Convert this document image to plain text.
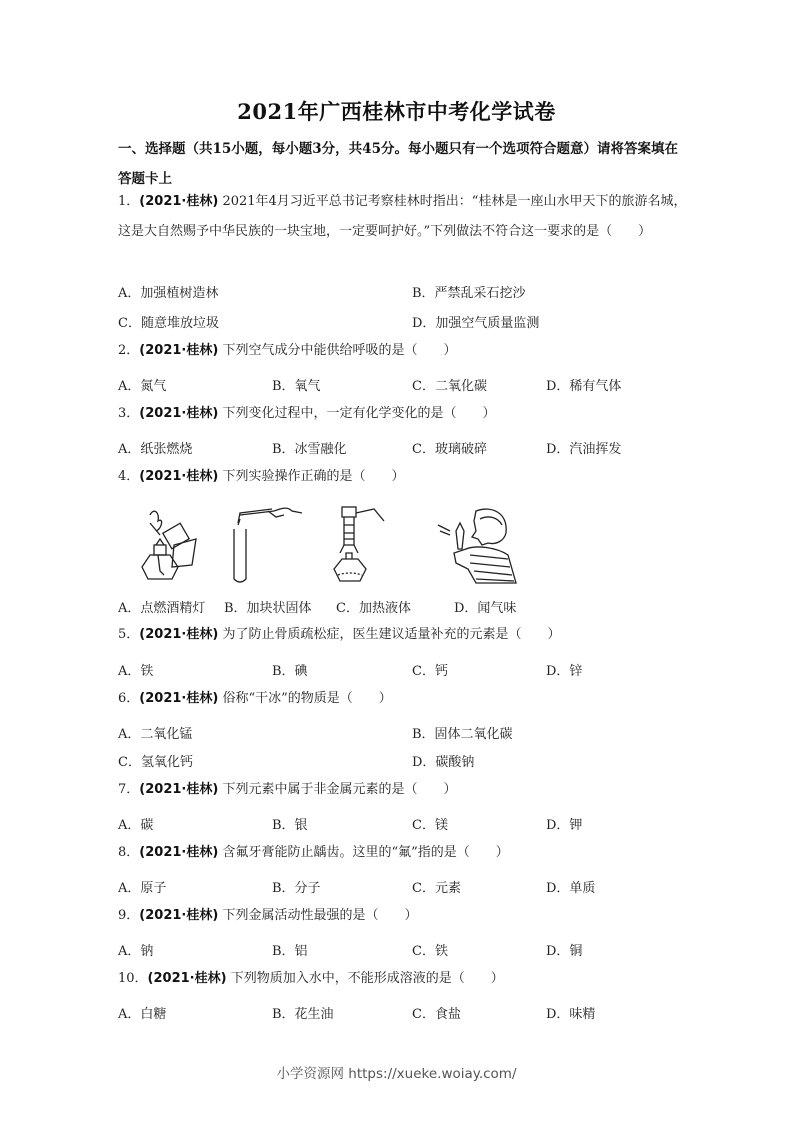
2021年广西桂林市中考化学试卷
一、选择题（共15小题，每小题3分，共45分。每小题只有一个选项符合题意）请将答案填在答题卡上
1．(2021·桂林) 2021年4月习近平总书记考察桂林时指出：“桂林是一座山水甲天下的旅游名城，这是大自然赐予中华民族的一块宝地，一定要呵护好。”下列做法不符合这一要求的是（　　）
A．加强植树造林	B．严禁乱采石挖沙
C．随意堆放垃圾	D．加强空气质量监测
2．(2021·桂林) 下列空气成分中能供给呼吸的是（　　）
A．氮气	B．氧气	C．二氧化碳	D．稀有气体
3．(2021·桂林) 下列变化过程中，一定有化学变化的是（　　）
A．纸张燃烧	B．冰雪融化	C．玻璃破碎	D．汽油挥发
4．(2021·桂林) 下列实验操作正确的是（　　）
A．点燃酒精灯 B．加块状固体 C．加热液体	D．闻气味
5．(2021·桂林) 为了防止骨质疏松症，医生建议适量补充的元素是（　　）
A．铁	B．碘	C．钙	D．锌
6．(2021·桂林) 俗称“干冰”的物质是（　　）
A．二氧化锰	B．固体二氧化碳
C．氢氧化钙	D．碳酸钠
7．(2021·桂林) 下列元素中属于非金属元素的是（　　）
A．碳	B．银	C．镁	D．钾
8．(2021·桂林) 含氟牙膏能防止龋齿。这里的“氟”指的是（　　）
A．原子	B．分子	C．元素	D．单质
9．(2021·桂林) 下列金属活动性最强的是（　　）
A．钠	B．铝	C．铁	D．铜
10．(2021·桂林) 下列物质加入水中，不能形成溶液的是（　　）
A．白糖	B．花生油	C．食盐	D．味精
小学资源网 https://xueke.woiay.com/
